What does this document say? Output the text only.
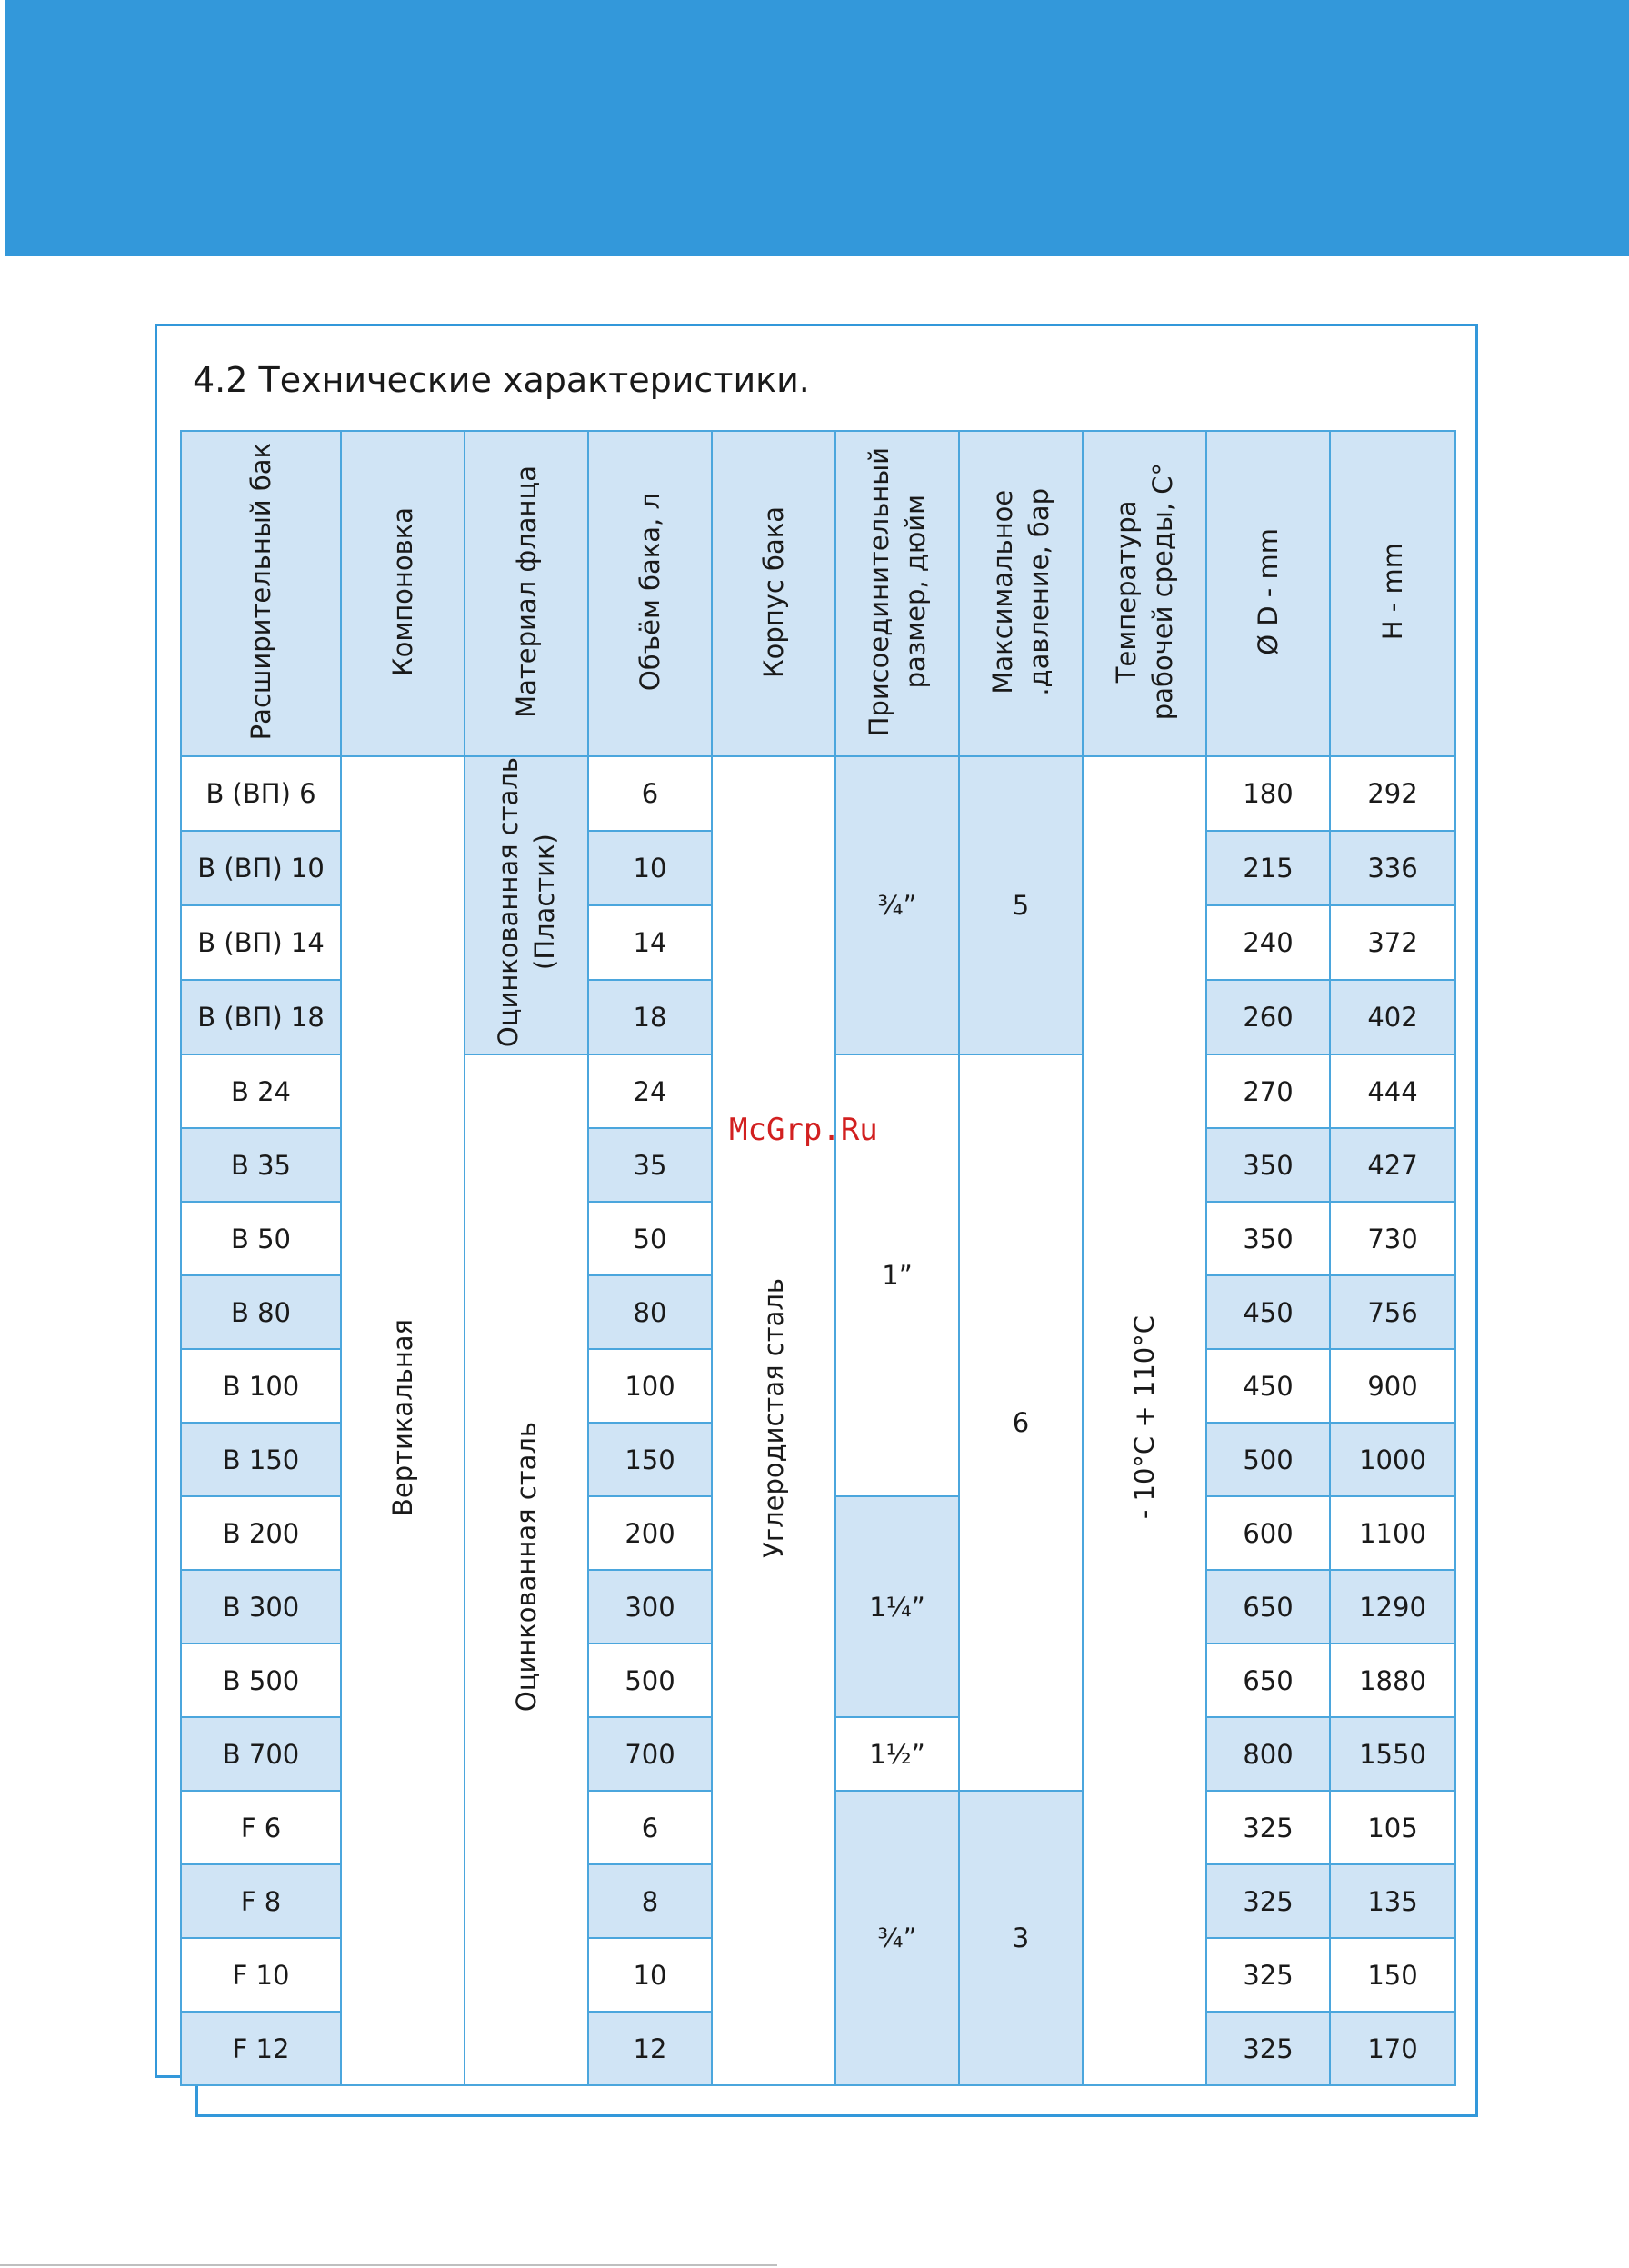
4.2 Технические характеристики.
Расширительный бак	Компоновка	Материал фланца	Объём бака, л	Корпус бака	Присоединительный размер, дюйм	Максимальное .давление, бар	Температура рабочей среды, С°	Ø D - mm	H - mm
В (ВП) 6	Вертикальная	Оцинкованная сталь (Пластик)	6	Углеродистая сталь	¾”	5	- 10°C + 110°C	180	292
В (ВП) 10			10					215	336
В (ВП) 14			14					240	372
В (ВП) 18			18					260	402
В 24		Оцинкованная сталь	24		1”	6		270	444
В 35			35					350	427
В 50			50					350	730
В 80			80					450	756
В 100			100					450	900
В 150			150					500	1000
В 200			200		1¼”			600	1100
В 300			300					650	1290
В 500			500					650	1880
В 700			700		1½”			800	1550
F 6			6		¾”	3		325	105
F 8			8					325	135
F 10			10					325	150
F 12			12					325	170
McGrp.Ru
